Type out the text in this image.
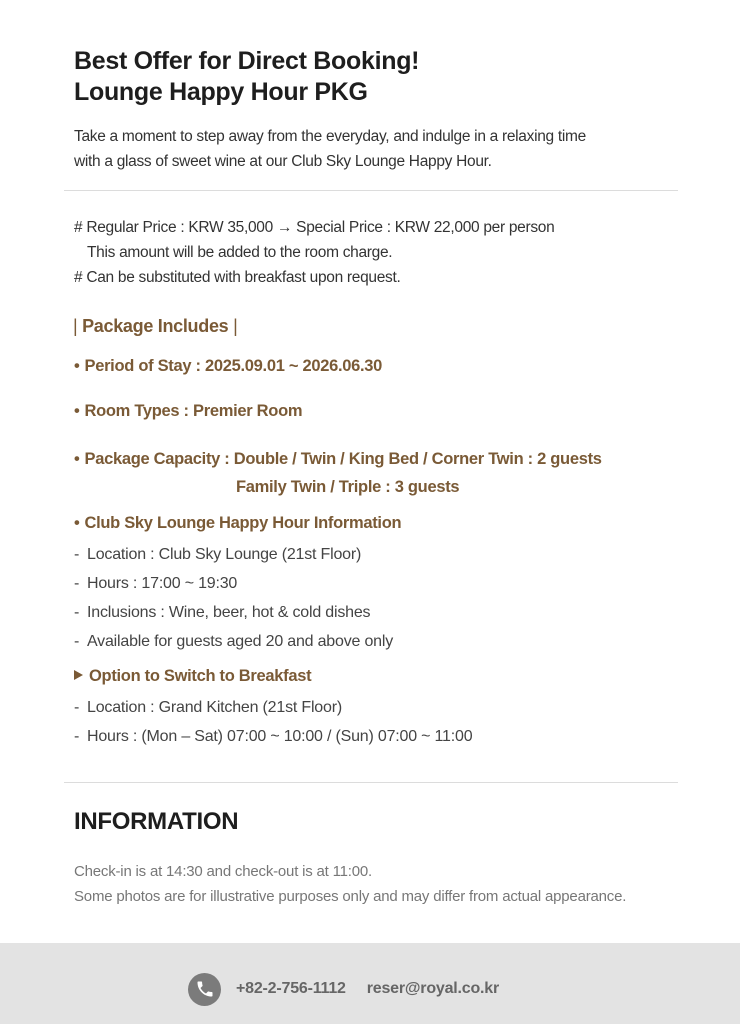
Best Offer for Direct Booking!
Lounge Happy Hour PKG
Take a moment to step away from the everyday, and indulge in a relaxing time
with a glass of sweet wine at our Club Sky Lounge Happy Hour.
# Regular Price : KRW 35,000 → Special Price : KRW 22,000 per person
This amount will be added to the room charge.
# Can be substituted with breakfast upon request.
| Package Includes |
• Period of Stay : 2025.09.01 ~ 2026.06.30
• Room Types : Premier Room
• Package Capacity : Double / Twin / King Bed / Corner Twin : 2 guests
Family Twin / Triple : 3 guests
• Club Sky Lounge Happy Hour Information
- Location : Club Sky Lounge (21st Floor)
- Hours : 17:00 ~ 19:30
- Inclusions : Wine, beer, hot & cold dishes
- Available for guests aged 20 and above only
Option to Switch to Breakfast
- Location : Grand Kitchen (21st Floor)
- Hours : (Mon – Sat) 07:00 ~ 10:00 / (Sun) 07:00 ~ 11:00
INFORMATION
Check-in is at 14:30 and check-out is at 11:00.
Some photos are for illustrative purposes only and may differ from actual appearance.
+82-2-756-1112 reser@royal.co.kr
